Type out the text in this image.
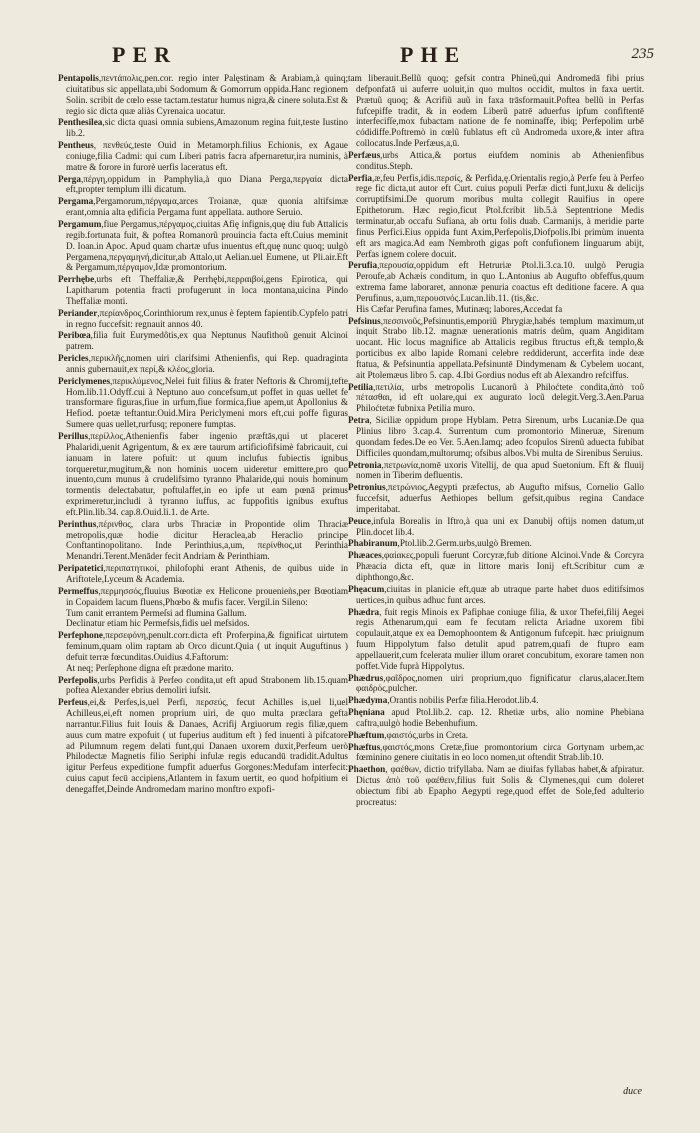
PER	PHE	235

Pentapolis,πεντάπολις,pen.cor. regio inter Palęstinam & Arabiam,à quinq; ciuitatibus sic appellata,ubi Sodomum & Gomorrum oppida.Hanc regionem Solin. scribit de cœlo esse tactam.testatur humus nigra,& cinere soluta.Est & regio sic dicta quæ aliàs Cyrenaica uocatur.

Penthesilea,sic dicta quasi omnia subiens,Amazonum regina fuit,teste Iustino lib.2.

Pentheus, πενθεύς,teste Ouid in Metamorph.filius Echionis, ex Agaue coniuge,filia Cadmi: qui cum Liberi patris facra afpernaretur,ira numinis, à matre & forore in furorè uerfis laceratus eft.

Perga,πέργη,oppidum in Pamphylia,à quo Diana Perga,περγαία dicta eft,propter templum illi dicatum.

Pergama,Pergamorum,πέργαμα,arces Troianæ, quæ quonia altifsimæ erant,omnia alta ędificia Pergama funt appellata. authore Seruio.

Pergamum,fiue Pergamus,πέργαμος,ciuitas Afię infignis,quę diu fub Attalicis regib.fortunata fuit, & poftea Romanorũ prouincia facta eft.Cuius meminit D. Ioan.in Apoc. Apud quam chartæ ufus inuentus eft,quę nunc quoq; uulgò Pergamena,περγαμηνή,dicitur,ab Attalo,ut Aelian.uel Eumene, ut Pli.air.Eft & Pergamum,πέργαμον,Idæ promontorium.

Perrhębe,urbs eft Theffaliæ,& Perrhębi,περραιβοί,gens Epirotica, qui Lapitharum potentia fracti profugerunt in loca montana,uicina Pindo Theffaliæ monti.

Periander,περίανδρος,Corinthiorum rex,unus è feptem fapientib.Cypfelo patri in regno fuccefsit: regnauit annos 40.

Peribœa,filia fuit Eurymedôtis,ex qua Neptunus Naufithoũ genuit Alcinoi patrem.

Pericles,περικλῆς,nomen uiri clarifsimi Athenienfis, qui Rep. quadraginta annis gubernauit,ex περί,& κλέος,gloria.

Periclymenes,περικλύμενος,Nelei fuit filius & frater Neftoris & Chromij,tefte Hom.lib.11.Odyff.cui à Neptuno auo concefsum,ut poffet in quas uellet fe transformare figuras,fiue in urfum,fiue formica,fiue apem,ut Apollonius & Hefiod. poetæ teftantur.Ouid.Mira Periclymeni mors eft,cui poffe figuras Sumere quas uellet,rurfusq; reponere fumptas.

Perillus,περίλλος,Athenienfis faber ingenio præftās,qui ut placeret Phalaridi,uenit Agrigentum, & ex ære taurum artificiofifsimè fabricauit, cui ianuam in latere pofuit: ut quum inclufus fubiectis ignibus torqueretur,mugitum,& non hominis uocem uideretur emittere,pro quo inuento,cum munus à crudelifsimo tyranno Phalaride,qui nouis hominum tormentis delectabatur, poftulaffet,in eo ipfe ut eam pœnā primus exprimeretur,includi à tyranno iuffus, ac fuppofitis ignibus exuftus eft.Plin.lib.34. cap.8.Ouid.li.1. de Arte.

Perinthus,πέρινθος, clara urbs Thraciæ in Propontide olim Thraciæ metropolis,quæ hodie dicitur Heraclea,ab Heraclio principe Conftantinopolitano. Inde Perinthius,a,um, περίνθιος,ut Perinthia Menandri.Terent.Menāder fecit Andriam & Perinthiam.

Peripatetici,περιπατητικοί, philofophi erant Athenis, de quibus uide in Ariftotele,Lyceum & Academia.

Permeffus,περμησσός,fluuius Bœotiæ ex Helicone prouenieǹs,per Bœotiam in Copaidem lacum fluens,Phœbo & mufis facer. Vergil.in Sileno:
Tum canit errantem Permeſsi ad flumina Gallum.
Declinatur etiam hic Permefsis,fidis uel mefsidos.

Perfephone,περσεφόνη,penult.corr.dicta eft Proferpina,& fignificat uirtutem feminum,quam olim raptam ab Orco dicunt.Quia ( ut inquit Auguftinus ) defuit terræ fœcunditas.Ouidius 4.Faftorum:
At neq; Perſephone digna eſt prædone marito.

Perfepolis,urbs Perfidis à Perfeo condita,ut eft apud Strabonem lib.15.quam poftea Alexander ebrius demoliri iufsit.

Perfeus,ei,& Perfes,is,uel Perfi, περσεύς, fecut Achilles is,uel li,uel Achilleus,ei,eft nomen proprium uiri, de quo multa præclara gefta narrantur.Filius fuit Iouis & Danaes, Acrifij Argiuorum regis filiæ,quem auus cum matre expofuit ( ut fuperius auditum eft ) fed inuenti à pifcatore ad Pilumnum regem delati funt,qui Danaen uxorem duxit,Perfeum uerò Philodectæ Magnetis filio Seriphi infulæ regis educandū tradidit.Adultus igitur Perfeus expeditione fumpfit aduerfus Gorgones:Medufam interfecit: cuius caput fecū accipiens,Atlantem in faxum uertit, eo quod hofpitium ei denegaffet,Deinde Andromedam marino monftro expofi-

tam liberauit.Bellũ quoq; gefsit contra Phineũ,qui Andromedā fibi prius defponfatā ui auferre uoluit,in quo multos occidit, multos in faxa uertit. Prætuũ quoq; & Acrifiũ auũ in faxa trāsformauit.Poftea bellũ in Perfas fufcepiffe tradit, & in eodem Liberũ patrē aduerfus ipfum confiftentē interfecifſe,mox fubactam natione de fe nominaffe, ibiq; Perfepolim urbē códidiffe.Poftremò in cœlũ fublatus eft cũ Andromeda uxore,& inter aftra collocatus.Inde Perfæus,a,ū.

Perfæus,urbs Attica,& portus eiufdem nominis ab Athenienfibus conditus.Steph.

Perfia,æ,feu Perfis,idis.περσίς, & Perfida,ę.Orientalis regio,à Perfe feu à Perfeo rege fic dicta,ut autor eft Curt. cuius populi Perfæ dicti funt,luxu & delicijs corruptifsimi.De quorum moribus multa collegit Rauifius in opere Epithetorum. Hæc regio,ficut Ptol.fcribit lib.5.à Septentrione Medis terminatur,ab occafu Sufiana, ab ortu folis duab. Carmanijs, à meridie parte finus Perfici.Eius oppida funt Axim,Perfepolis,Diofpolis.Ibi primùm inuenta eft ars magica.Ad eam Nembroth gigas poft confufionem linguarum abijt, Perfas ignem colere docuit.

Perufia,περουσία,oppidum eft Hetruriæ Ptol.li.3.ca.10. uulgò Perugia Peroufe,ab Achæis conditum, in quo L.Antonius ab Augufto obfeffus,quum extrema fame laboraret, annonæ penuria coactus eft deditione facere. A qua Perufinus, a,um,περουσινός.Lucan.lib.11. (tis,&c.
His Cæfar Perufina fames, Mutinæq; labores,Accedat fa

Pefsinus,πεσσινοῦς,Pefsinuntis,emporiũ Phrygiæ,habés templum maximum,ut inquit Strabo lib.12. magnæ uenerationis matris deûm, quam Angiditam uocant. Hic locus magnifice ab Attalicis regibus ftructus eft,& templo,& porticibus ex albo lapide Romani celebre reddiderunt, accerfita inde deæ ftatua, & Pefsinuntia appellata.Pefsinuntē Dindymenam & Cybelem uocant, ait Ptolemæus libro 5. cap. 4.Ibi Gordius nodus eft ab Alexandro refciffus.

Petilia,πετιλία, urbs metropolis Lucanorũ à Philoćtete condita,ἀπὸ τοῦ πέτασθαι, id eft uolare,qui ex augurato locũ delegit.Verg.3.Aen.Parua Philoćtetæ fubnixa Petilia muro.

Petra, Siciliæ oppidum prope Hyblam. Petra Sirenum, urbs Lucaniæ.De qua Plinius libro 3.cap.4. Surrentum cum promontorio Mineruæ, Sirenum quondam fedes.De eo Ver. 5.Aen.Iamq; adeo fcopulos Sirenũ aduecta fubibat Difficiles quondam,multorumq; ofsibus albos.Vbi multa de Sirenibus Seruius.

Petronia,πετρωνία,nomē uxoris Vitellij, de qua apud Suetonium. Eft & fluuij nomen in Tiberim defluentis.

Petronius,πετρώνιος,Aegypti præfectus, ab Augufto mifsus, Cornelio Gallo fuccefsit, aduerfus Aethiopes bellum gefsit,quibus regina Candace imperitabat.

Peuce,infula Borealis in Iftro,à qua uni ex Danubij oftijs nomen datum,ut Plin.docet lib.4.

Phabiranum,Ptol.lib.2.Germ.urbs,uulgò Bremen.

Phæaces,φαίακες,populi fuerunt Corcyræ,fub ditione Alcinoi.Vnde & Corcyra Phæacia dicta eft, quæ in littore maris Ionij eft.Scribitur cum æ diphthongo,&c.

Phęacum,ciuitas in planicie eft,quæ ab utraque parte habet duos editifsimos uertices,in quibus adhuc funt arces.

Phædra, fuit regis Minois ex Pafiphae coniuge filia, & uxor Thefei,filij Aegei regis Athenarum,qui eam fe fecutam relicta Ariadne uxorem fibi copulauit,atque ex ea Demophoontem & Antigonum fufcepit. hæc priuignum fuum Hippolytum falso detulit apud patrem,quafi de ftupro eam appellauerit,cum fcelerata mulier illum oraret concubitum, exorare tamen non poffet.Vide fuprà Hippolytus.

Phædrus,φαῖδρος,nomen uiri proprium,quo fignificatur clarus,alacer.Item φαιδρός,pulcher.

Phædyma,Orantis nobilis Perfæ filia.Herodot.lib.4.

Phęniana apud Ptol.lib.2. cap. 12. Rhetiæ urbs, alio nomine Phebiana caftra,uulgò hodie Bebenhufium.

Phæftum,φαιστός,urbs in Creta.

Phæftus,φαιστός,mons Cretæ,fiue promontorium circa Gortynam urbem,ac fœminino genere ciuitatis in eo loco nomen,ut oftendit Strab.lib.10.

Phaethon, φαέθων, dictio trifyllaba. Nam ae diuifas fyllabas habet,& afpiratur. Dictus ἀπὸ τοῦ φαέθειν,filius fuit Solis & Clymenes,qui cum doleret obiectum fibi ab Epapho Aegypti rege,quod effet de Sole,fed adulterio procreatus:

duce
